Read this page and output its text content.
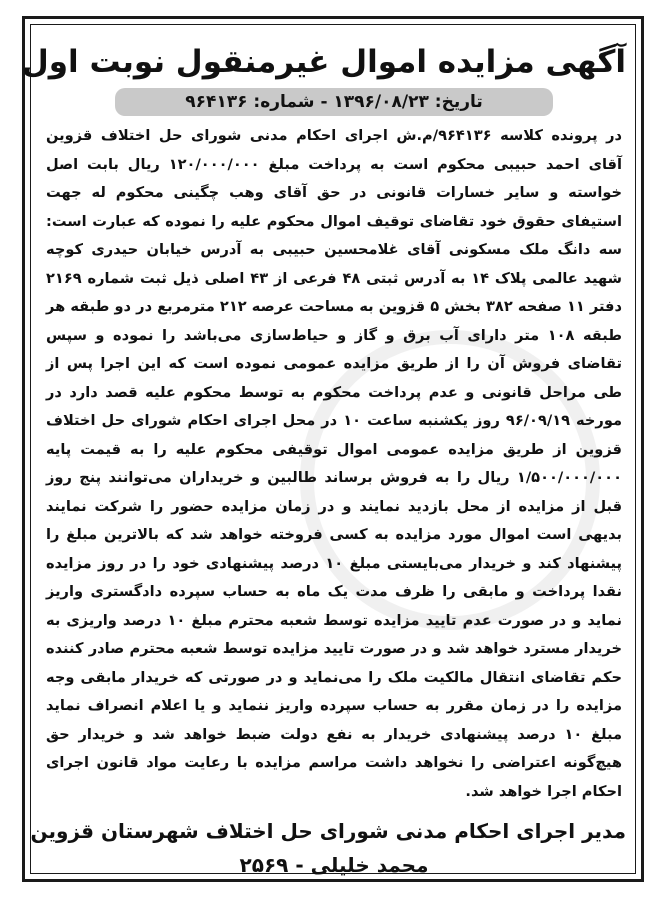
آگهی مزایده اموال غیرمنقول نوبت اول
تاریخ: ۱۳۹۶/۰۸/۲۳ - شماره: ۹۶۴۱۳۶
در پرونده کلاسه ۹۶۴۱۳۶/م.ش اجرای احکام مدنی شورای حل اختلاف قزوین آقای احمد حبیبی محکوم است به پرداخت مبلغ ۱۲۰/۰۰۰/۰۰۰ ریال بابت اصل خواسته و سایر خسارات قانونی در حق آقای وهب چگینی محکوم له جهت استیفای حقوق خود تقاضای توقیف اموال محکوم علیه را نموده که عبارت است: سه دانگ ملک مسکونی آقای غلامحسین حبیبی به آدرس خیابان حیدری کوچه شهید عالمی پلاک ۱۴ به آدرس ثبتی ۴۸ فرعی از ۴۳ اصلی ذیل ثبت شماره ۲۱۶۹ دفتر ۱۱ صفحه ۳۸۲ بخش ۵ قزوین به مساحت عرصه ۲۱۲ مترمربع در دو طبقه هر طبقه ۱۰۸ متر دارای آب برق و گاز و حیاط‌سازی می‌باشد را نموده و سپس تقاضای فروش آن را از طریق مزایده عمومی نموده است که این اجرا پس از طی مراحل قانونی و عدم پرداخت محکوم به توسط محکوم علیه قصد دارد در مورخه ۹۶/۰۹/۱۹ روز یکشنبه ساعت ۱۰ در محل اجرای احکام شورای حل اختلاف قزوین از طریق مزایده عمومی اموال توقیفی محکوم علیه را به قیمت پایه ۱/۵۰۰/۰۰۰/۰۰۰ ریال را به فروش برساند طالبین و خریداران می‌توانند پنج روز قبل از مزایده از محل بازدید نمایند و در زمان مزایده حضور را شرکت نمایند بدیهی است اموال مورد مزایده به کسی فروخته خواهد شد که بالاترین مبلغ را پیشنهاد کند و خریدار می‌بایستی مبلغ ۱۰ درصد پیشنهادی خود را در روز مزایده نقدا پرداخت و مابقی را ظرف مدت یک ماه به حساب سپرده دادگستری واریز نماید و در صورت عدم تایید مزایده توسط شعبه محترم مبلغ ۱۰ درصد واریزی به خریدار مسترد خواهد شد و در صورت تایید مزایده توسط شعبه محترم صادر کننده حکم تقاضای انتقال مالکیت ملک را می‌نماید و در صورتی که خریدار مابقی وجه مزایده را در زمان مقرر به حساب سپرده واریز ننماید و یا اعلام انصراف نماید مبلغ ۱۰ درصد پیشنهادی خریدار به نفع دولت ضبط خواهد شد و خریدار حق هیچ‌گونه اعتراضی را نخواهد داشت مراسم مزایده با رعایت مواد قانون اجرای احکام اجرا خواهد شد.
مدیر اجرای احکام مدنی شورای حل اختلاف شهرستان قزوین
محمد خلیلی - ۲۵۶۹
